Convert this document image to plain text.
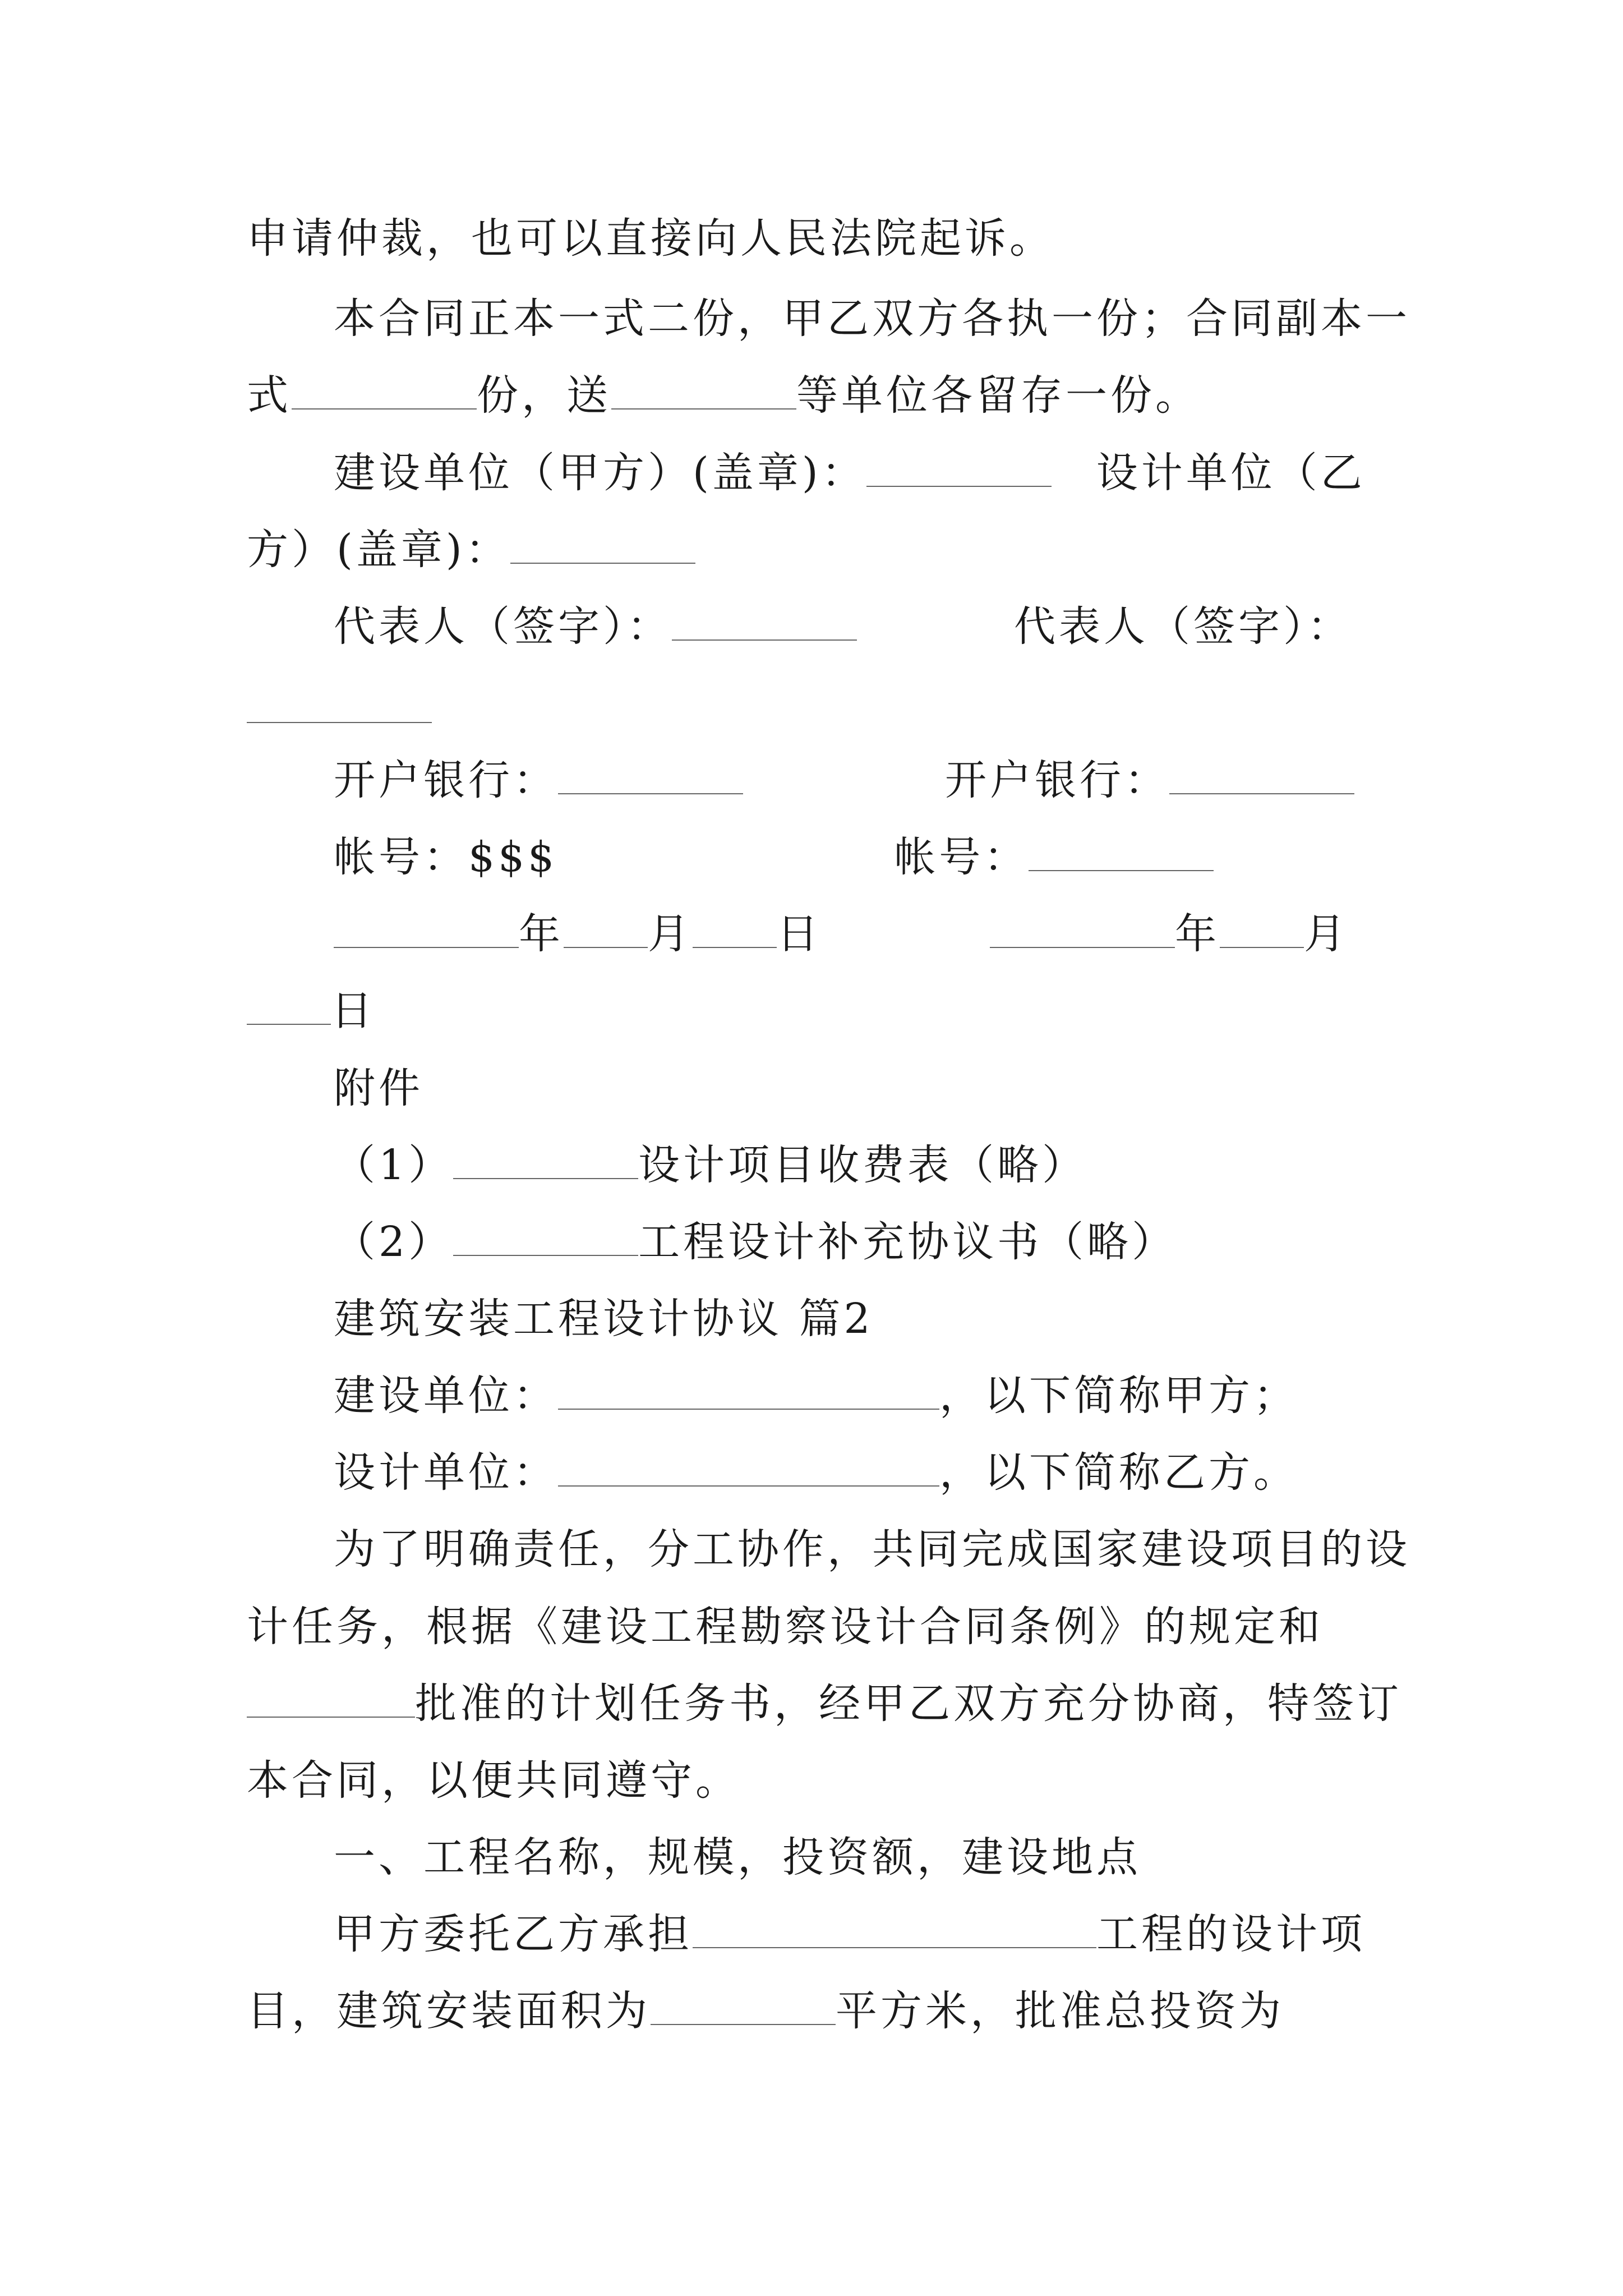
申请仲裁，也可以直接向人民法院起诉。
本合同正本一式二份，甲乙双方各执一份；合同副本一
式	份，送	等单位各留存一份。
建设单位（甲方）(盖章)：	设计单位（乙
方）(盖章)：
代表人（签字）：	代表人（签字）：
开户银行：	开户银行：
帐号：$$$	帐号：
年 月 日	年 月
日
附件
（1）	设计项目收费表（略）
（2）	工程设计补充协议书（略）
建筑安装工程设计协议 篇2
建设单位：	，以下简称甲方；
设计单位：	，以下简称乙方。
为了明确责任，分工协作，共同完成国家建设项目的设
计任务，根据《建设工程勘察设计合同条例》的规定和
批准的计划任务书，经甲乙双方充分协商，特签订
本合同，以便共同遵守。
一、工程名称，规模，投资额，建设地点
甲方委托乙方承担	工程的设计项
目，建筑安装面积为	平方米，批准总投资为
